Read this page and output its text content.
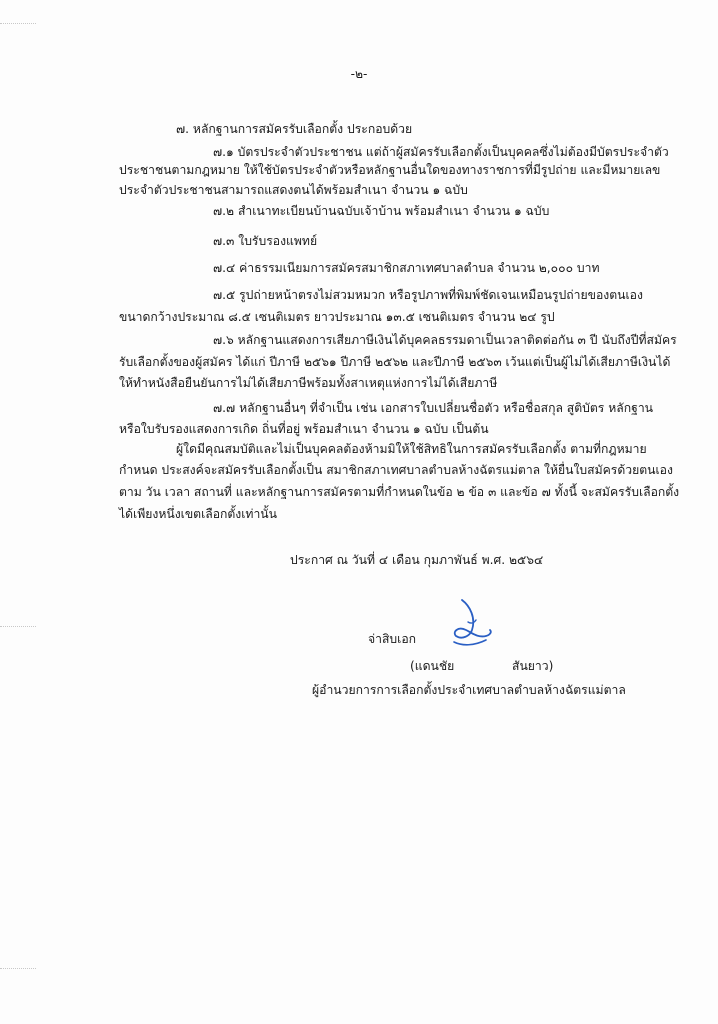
-๒-
๗. หลักฐานการสมัครรับเลือกตั้ง ประกอบด้วย
๗.๑ บัตรประจำตัวประชาชน แต่ถ้าผู้สมัครรับเลือกตั้งเป็นบุคคลซึ่งไม่ต้องมีบัตรประจำตัว
ประชาชนตามกฎหมาย ให้ใช้บัตรประจำตัวหรือหลักฐานอื่นใดของทางราชการที่มีรูปถ่าย และมีหมายเลข
ประจำตัวประชาชนสามารถแสดงตนได้พร้อมสำเนา จำนวน ๑ ฉบับ
๗.๒ สำเนาทะเบียนบ้านฉบับเจ้าบ้าน พร้อมสำเนา จำนวน ๑ ฉบับ
๗.๓ ใบรับรองแพทย์
๗.๔ ค่าธรรมเนียมการสมัครสมาชิกสภาเทศบาลตำบล จำนวน ๒,๐๐๐ บาท
๗.๕ รูปถ่ายหน้าตรงไม่สวมหมวก หรือรูปภาพที่พิมพ์ชัดเจนเหมือนรูปถ่ายของตนเอง
ขนาดกว้างประมาณ ๘.๕ เซนติเมตร ยาวประมาณ ๑๓.๕ เซนติเมตร จำนวน ๒๔ รูป
๗.๖ หลักฐานแสดงการเสียภาษีเงินได้บุคคลธรรมดาเป็นเวลาติดต่อกัน ๓ ปี นับถึงปีที่สมัคร
รับเลือกตั้งของผู้สมัคร ได้แก่ ปีภาษี ๒๕๖๑ ปีภาษี ๒๕๖๒ และปีภาษี ๒๕๖๓ เว้นแต่เป็นผู้ไม่ได้เสียภาษีเงินได้
ให้ทำหนังสือยืนยันการไม่ได้เสียภาษีพร้อมทั้งสาเหตุแห่งการไม่ได้เสียภาษี
๗.๗ หลักฐานอื่นๆ ที่จำเป็น เช่น เอกสารใบเปลี่ยนชื่อตัว หรือชื่อสกุล สูติบัตร หลักฐาน
หรือใบรับรองแสดงการเกิด ถิ่นที่อยู่ พร้อมสำเนา จำนวน ๑ ฉบับ เป็นต้น
ผู้ใดมีคุณสมบัติและไม่เป็นบุคคลต้องห้ามมิให้ใช้สิทธิในการสมัครรับเลือกตั้ง ตามที่กฎหมาย
กำหนด ประสงค์จะสมัครรับเลือกตั้งเป็น สมาชิกสภาเทศบาลตำบลห้างฉัตรแม่ตาล ให้ยื่นใบสมัครด้วยตนเอง
ตาม วัน เวลา สถานที่ และหลักฐานการสมัครตามที่กำหนดในข้อ ๒ ข้อ ๓ และข้อ ๗ ทั้งนี้ จะสมัครรับเลือกตั้ง
ได้เพียงหนึ่งเขตเลือกตั้งเท่านั้น
ประกาศ ณ วันที่ ๔ เดือน กุมภาพันธ์ พ.ศ. ๒๕๖๔
จ่าสิบเอก
(แดนชัย	สันยาว)
ผู้อำนวยการการเลือกตั้งประจำเทศบาลตำบลห้างฉัตรแม่ตาล
